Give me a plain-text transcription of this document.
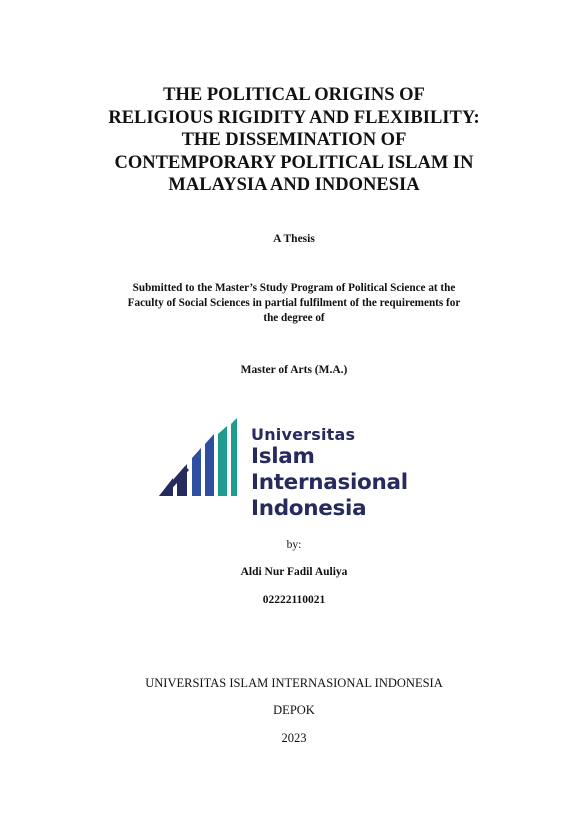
THE POLITICAL ORIGINS OF
RELIGIOUS RIGIDITY AND FLEXIBILITY:
THE DISSEMINATION OF
CONTEMPORARY POLITICAL ISLAM IN
MALAYSIA AND INDONESIA
A Thesis
Submitted to the Master’s Study Program of Political Science at the
Faculty of Social Sciences in partial fulfilment of the requirements for
the degree of
Master of Arts (M.A.)
Universitas
Islam Internasional
Indonesia
by:
Aldi Nur Fadil Auliya
02222110021
UNIVERSITAS ISLAM INTERNASIONAL INDONESIA
DEPOK
2023
